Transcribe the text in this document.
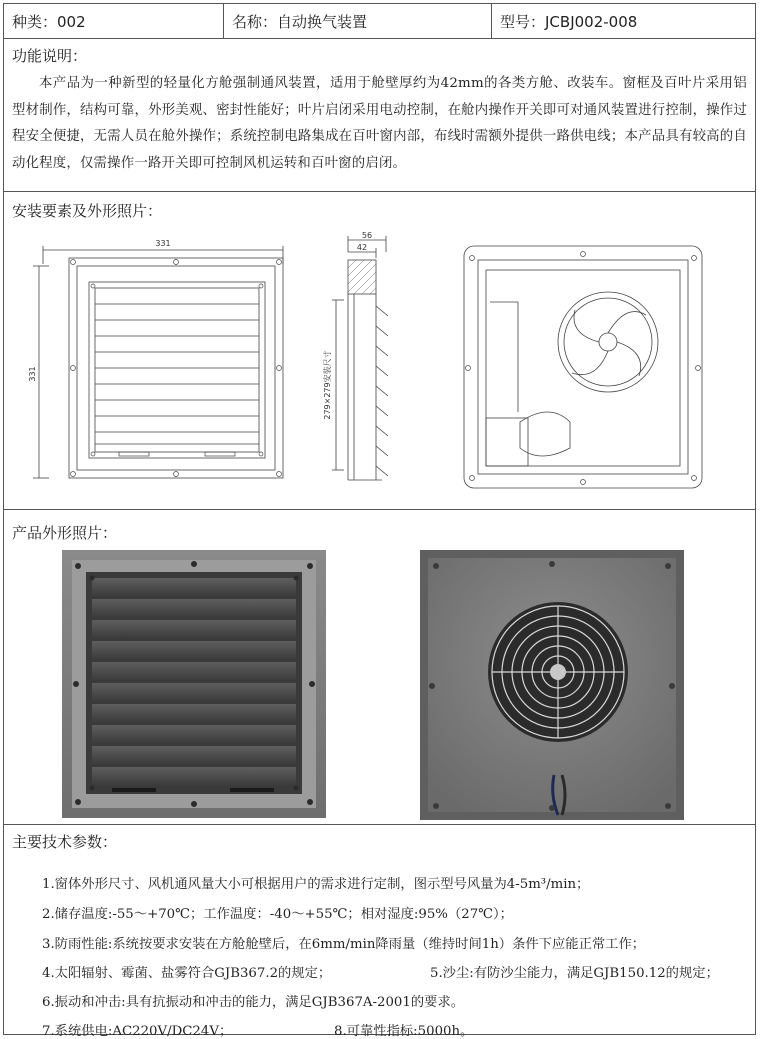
种类：002	名称：自动换气装置	型号：JCBJ002-008
功能说明：
本产品为一种新型的轻量化方舱强制通风装置，适用于舱壁厚约为42mm的各类方舱、改装车。窗框及百叶片采用铝型材制作，结构可靠，外形美观、密封性能好；叶片启闭采用电动控制，在舱内操作开关即可对通风装置进行控制，操作过程安全便捷，无需人员在舱外操作；系统控制电路集成在百叶窗内部，布线时需额外提供一路供电线；本产品具有较高的自动化程度，仅需操作一路开关即可控制风机运转和百叶窗的启闭。
安装要素及外形照片：
331
331
56
42
279×279安装尺寸
产品外形照片：
主要技术参数：
1.窗体外形尺寸、风机通风量大小可根据用户的需求进行定制，图示型号风量为4-5m³/min；
2.储存温度:-55～+70℃；工作温度：-40～+55℃；相对湿度:95%（27℃）；
3.防雨性能:系统按要求安装在方舱舱壁后，在6mm/min降雨量（维持时间1h）条件下应能正常工作；
4.太阳辐射、霉菌、盐雾符合GJB367.2的规定；	5.沙尘:有防沙尘能力，满足GJB150.12的规定；
6.振动和冲击:具有抗振动和冲击的能力，满足GJB367A-2001的要求。
7.系统供电:AC220V/DC24V；	8.可靠性指标:5000h。
